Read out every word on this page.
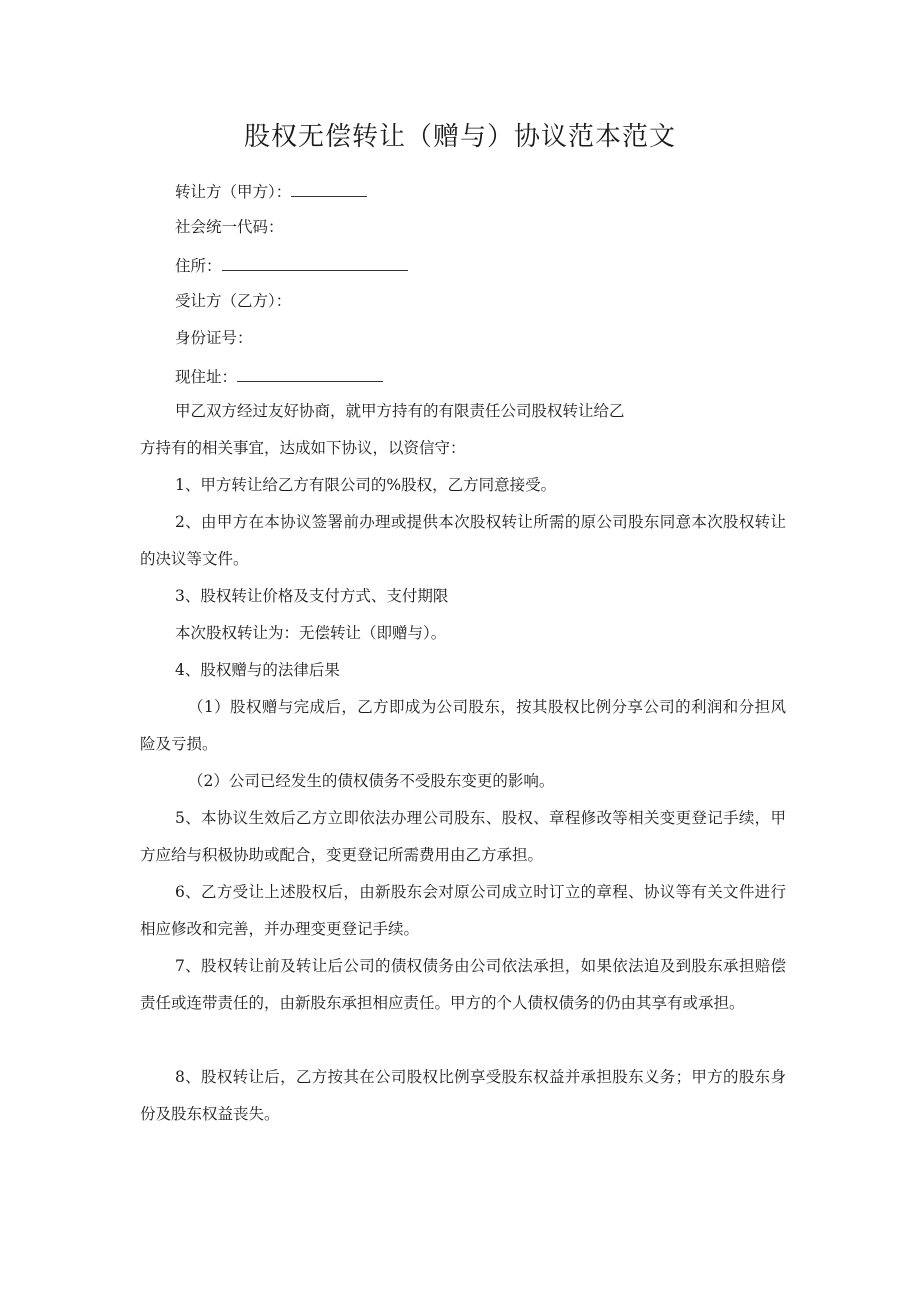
股权无偿转让（赠与）协议范本范文
转让方（甲方）：
社会统一代码：
住所：
受让方（乙方）：
身份证号：
现住址：

甲乙双方经过友好协商，就甲方持有的有限责任公司股权转让给乙

方持有的相关事宜，达成如下协议，以资信守：

1、甲方转让给乙方有限公司的%股权，乙方同意接受。

2、由甲方在本协议签署前办理或提供本次股权转让所需的原公司股东同意本次股权转让的决议等文件。

3、股权转让价格及支付方式、支付期限

本次股权转让为：无偿转让（即赠与）。

4、股权赠与的法律后果

（1）股权赠与完成后，乙方即成为公司股东，按其股权比例分享公司的利润和分担风险及亏损。

（2）公司已经发生的债权债务不受股东变更的影响。

5、本协议生效后乙方立即依法办理公司股东、股权、章程修改等相关变更登记手续，甲方应给与积极协助或配合，变更登记所需费用由乙方承担。

6、乙方受让上述股权后，由新股东会对原公司成立时订立的章程、协议等有关文件进行相应修改和完善，并办理变更登记手续。

7、股权转让前及转让后公司的债权债务由公司依法承担，如果依法追及到股东承担赔偿责任或连带责任的，由新股东承担相应责任。甲方的个人债权债务的仍由其享有或承担。

8、股权转让后，乙方按其在公司股权比例享受股东权益并承担股东义务；甲方的股东身份及股东权益丧失。
